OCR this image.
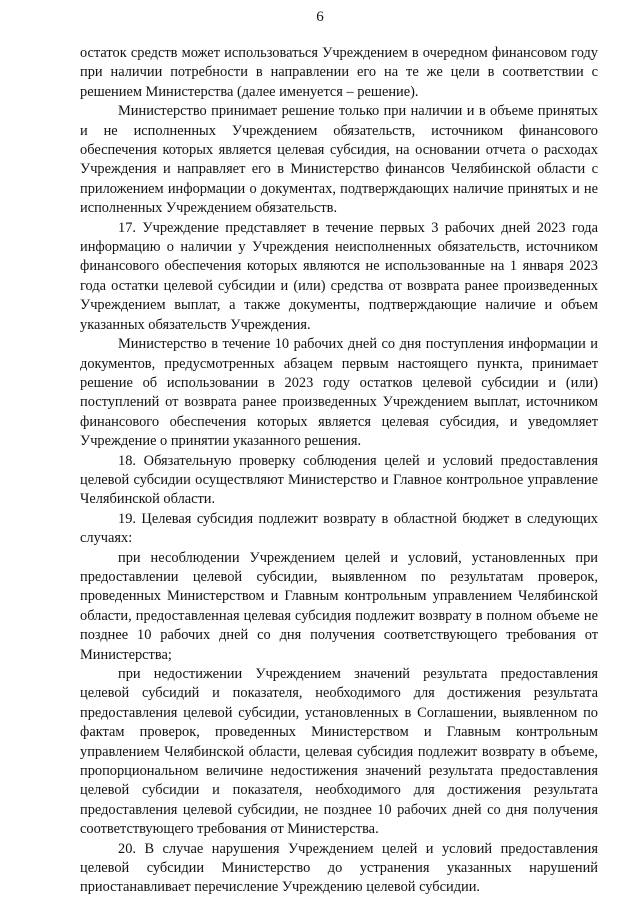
6

остаток средств может использоваться Учреждением в очередном финансовом году при наличии потребности в направлении его на те же цели в соответствии с решением Министерства (далее именуется – решение).

Министерство принимает решение только при наличии и в объеме принятых и не исполненных Учреждением обязательств, источником финансового обеспечения которых является целевая субсидия, на основании отчета о расходах Учреждения и направляет его в Министерство финансов Челябинской области с приложением информации о документах, подтверждающих наличие принятых и не исполненных Учреждением обязательств.

17. Учреждение представляет в течение первых 3 рабочих дней 2023 года информацию о наличии у Учреждения неисполненных обязательств, источником финансового обеспечения которых являются не использованные на 1 января 2023 года остатки целевой субсидии и (или) средства от возврата ранее произведенных Учреждением выплат, а также документы, подтверждающие наличие и объем указанных обязательств Учреждения.

Министерство в течение 10 рабочих дней со дня поступления информации и документов, предусмотренных абзацем первым настоящего пункта, принимает решение об использовании в 2023 году остатков целевой субсидии и (или) поступлений от возврата ранее произведенных Учреждением выплат, источником финансового обеспечения которых является целевая субсидия, и уведомляет Учреждение о принятии указанного решения.

18. Обязательную проверку соблюдения целей и условий предоставления целевой субсидии осуществляют Министерство и Главное контрольное управление Челябинской области.

19. Целевая субсидия подлежит возврату в областной бюджет в следующих случаях:

при несоблюдении Учреждением целей и условий, установленных при предоставлении целевой субсидии, выявленном по результатам проверок, проведенных Министерством и Главным контрольным управлением Челябинской области, предоставленная целевая субсидия подлежит возврату в полном объеме не позднее 10 рабочих дней со дня получения соответствующего требования от Министерства;

при недостижении Учреждением значений результата предоставления целевой субсидий и показателя, необходимого для достижения результата предоставления целевой субсидии, установленных в Соглашении, выявленном по фактам проверок, проведенных Министерством и Главным контрольным управлением Челябинской области, целевая субсидия подлежит возврату в объеме, пропорциональном величине недостижения значений результата предоставления целевой субсидии и показателя, необходимого для достижения результата предоставления целевой субсидии, не позднее 10 рабочих дней со дня получения соответствующего требования от Министерства.

20. В случае нарушения Учреждением целей и условий предоставления целевой субсидии Министерство до устранения указанных нарушений приостанавливает перечисление Учреждению целевой субсидии.
